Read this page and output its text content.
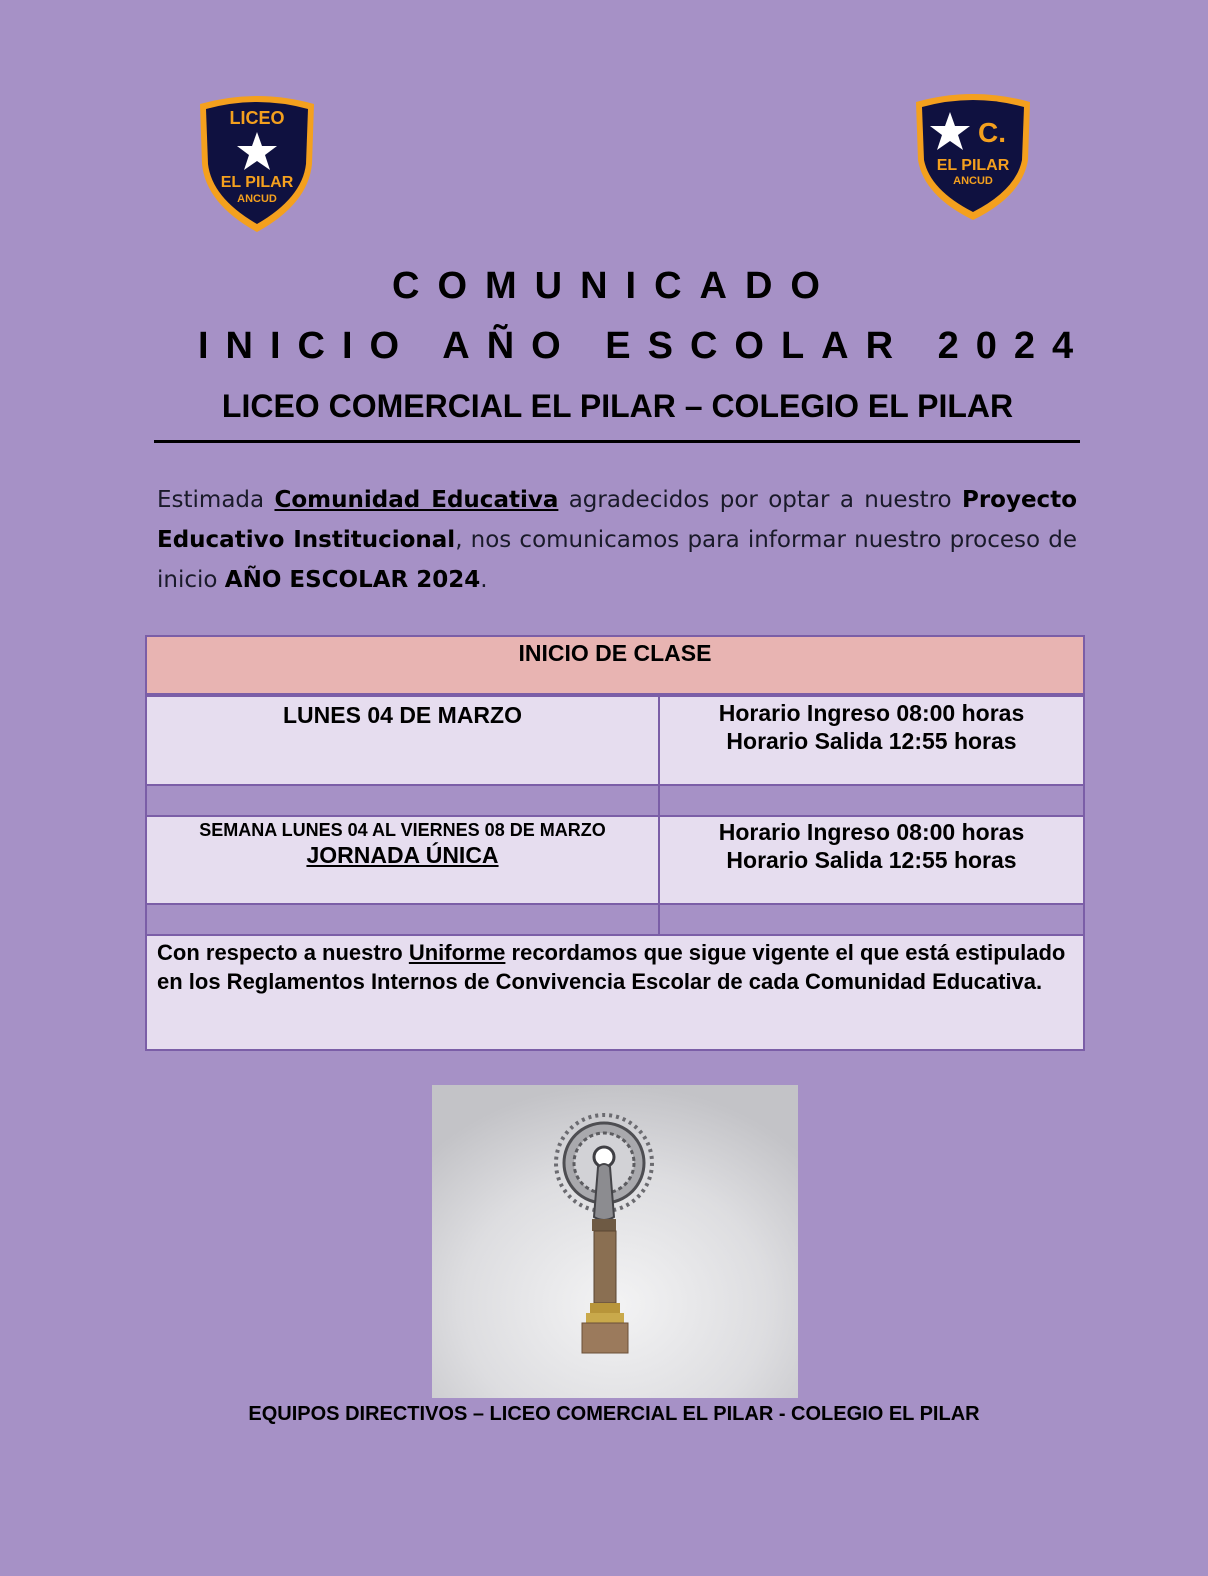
LICEO
EL PILAR
ANCUD
C.
EL PILAR
ANCUD
COMUNICADO
INICIO AÑO ESCOLAR 2024
LICEO COMERCIAL EL PILAR – COLEGIO EL PILAR
Estimada Comunidad Educativa agradecidos por optar a nuestro Proyecto Educativo Institucional, nos comunicamos para informar nuestro proceso de inicio AÑO ESCOLAR 2024.
INICIO DE CLASE
LUNES 04 DE MARZO	Horario Ingreso 08:00 horas
Horario Salida 12:55 horas
SEMANA LUNES 04 AL VIERNES 08 DE MARZO
JORNADA ÚNICA
Horario Ingreso 08:00 horas
Horario Salida 12:55 horas
Con respecto a nuestro Uniforme recordamos que sigue vigente el que está estipulado en los Reglamentos Internos de Convivencia Escolar de cada Comunidad Educativa.
EQUIPOS DIRECTIVOS – LICEO COMERCIAL EL PILAR - COLEGIO EL PILAR
